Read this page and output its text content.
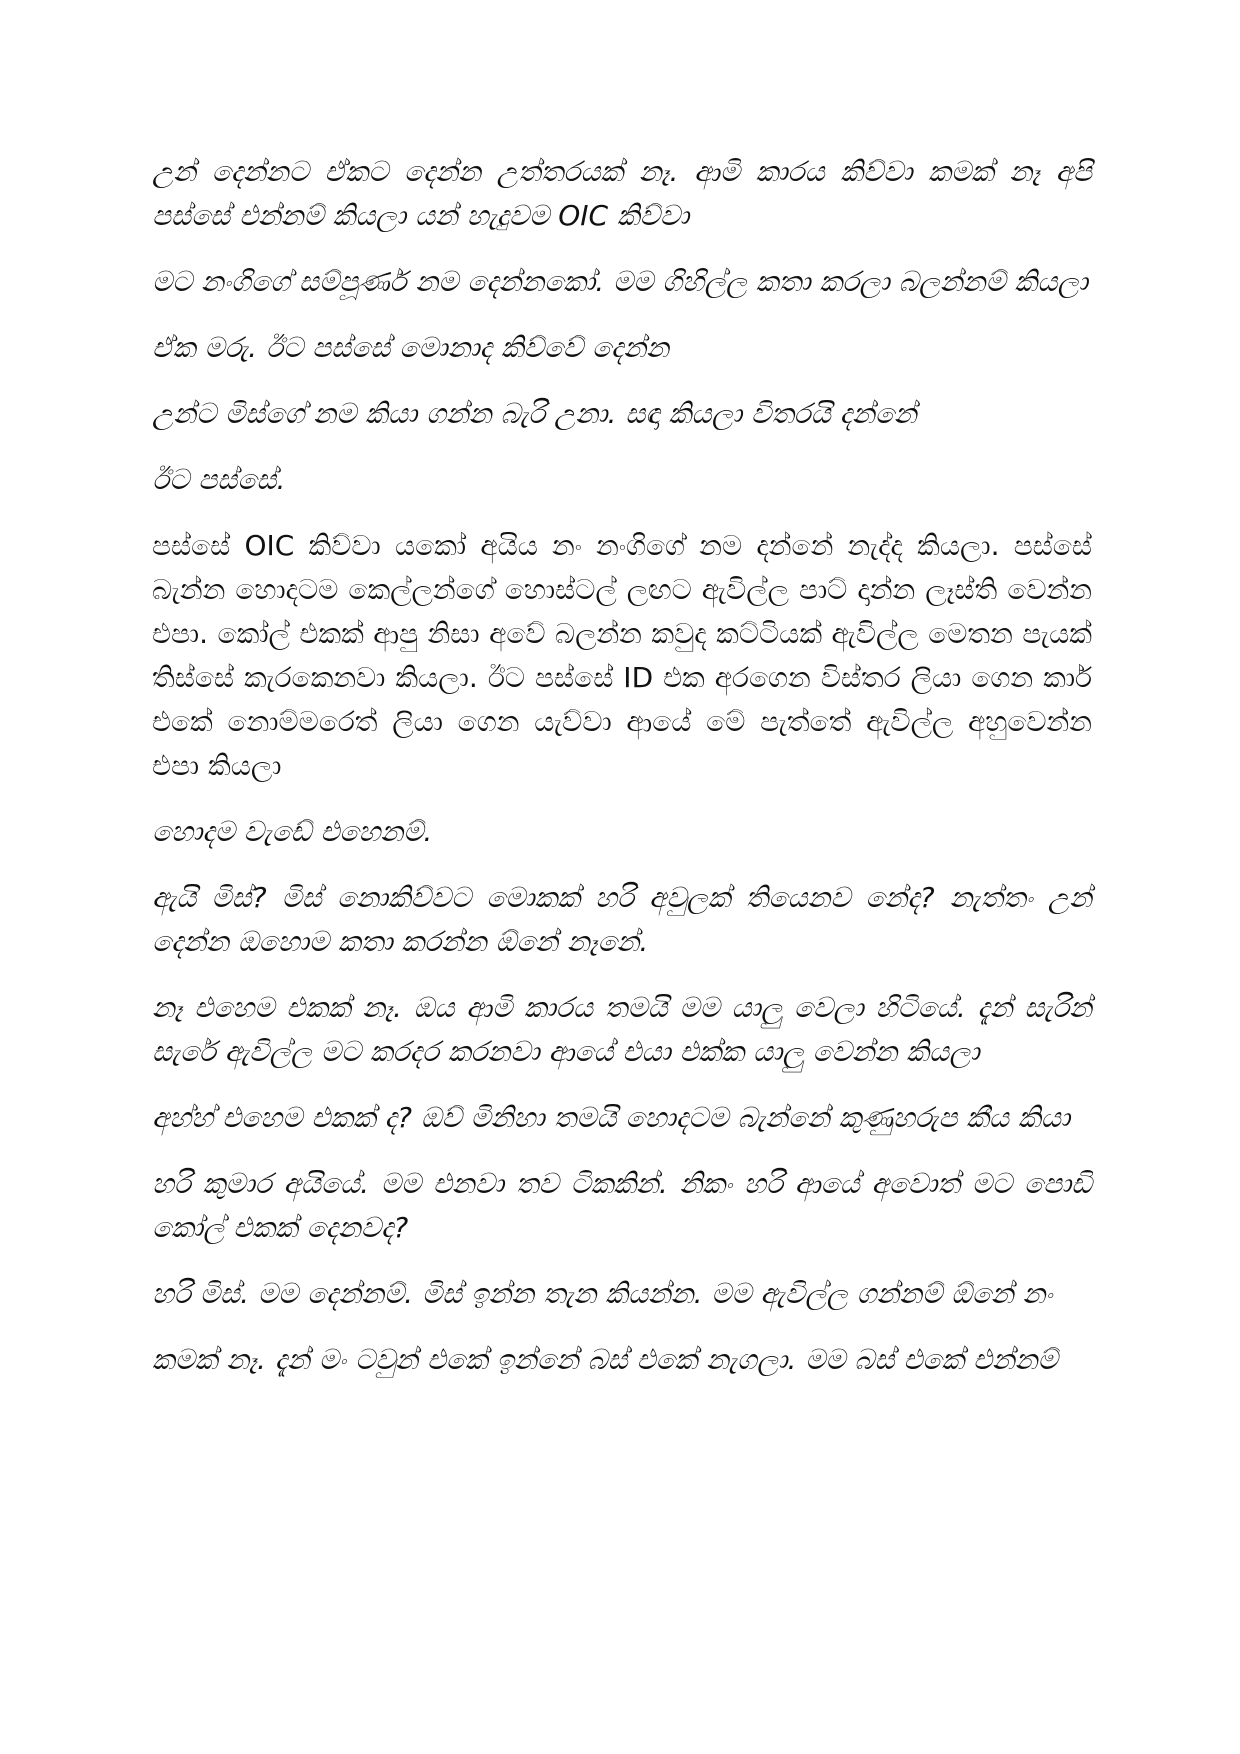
උන් දෙන්නට ඒකට දෙන්න උත්තරයක් නෑ. ආමි කාරය කිව්වා කමක් නෑ අපි පස්සේ එන්නම් කියලා යන් හැදුවම OIC කිව්වා

මට නංගිගේ සම්පූර්ණ නම දෙන්නකෝ. මම ගිහිල්ල කතා කරලා බලන්නම් කියලා

ඒක මරු. ඊට පස්සේ මොනාද කිව්වේ දෙන්න

උන්ට මිස්ගේ නම කියා ගන්න බැරි උනා. සඳා කියලා විතරයි දන්නේ

ඊට පස්සේ.

පස්සේ OIC කිව්වා යකෝ අයිය නං නංගිගේ නම දන්නේ නැද්ද කියලා. පස්සේ බැන්න හොදටම කෙල්ලන්ගේ හොස්ටල් ලඟට ඇවිල්ල පාට් දාන්න ලෑස්ති වෙන්න එපා. කෝල් එකක් ආපු නිසා අවේ බලන්න කවුද කට්ටියක් ඇවිල්ල මෙතන පැයක් තිස්සේ කැරකෙනවා කියලා. ඊට පස්සේ ID එක අරගෙන විස්තර ලියා ගෙන කාර් එකේ නොම්මරෙත් ලියා ගෙන යැව්වා ආයේ මේ පැත්තේ ඇවිල්ල අහුවෙන්න එපා කියලා

හොදම වැඩේ එහෙනම්.

ඇයි මිස්? මිස් නොකිව්වට මොකක් හරි අවුලක් තියෙනව නේද? නැත්තං උන් දෙන්න ඔහොම කතා කරන්න ඕනේ නෑනේ.

නෑ එහෙම එකක් නෑ. ඔය ආමි කාරය තමයි මම යාලු වෙලා හිටියේ. දැන් සැරින් සැරේ ඇවිල්ල මට කරදර කරනවා ආයේ එයා එක්ක යාලු වෙන්න කියලා

අහ්හ් එහෙම එකක් ද? ඔව් මිනිහා තමයි හොදටම බැන්නේ කුණුහරුප කීය කියා

හරි කුමාර අයියේ. මම එනවා තව ටිකකින්. නිකං හරි ආයේ අවොත් මට පොඩි කෝල් එකක් දෙනවද?

හරි මිස්. මම දෙන්නම්. මිස් ඉන්න තැන කියන්න. මම ඇවිල්ල ගන්නම් ඕනේ නං

කමක් නෑ. දැන් මං ටවුන් එකේ ඉන්නේ බස් එකේ නැගලා. මම බස් එකේ එන්නම්
